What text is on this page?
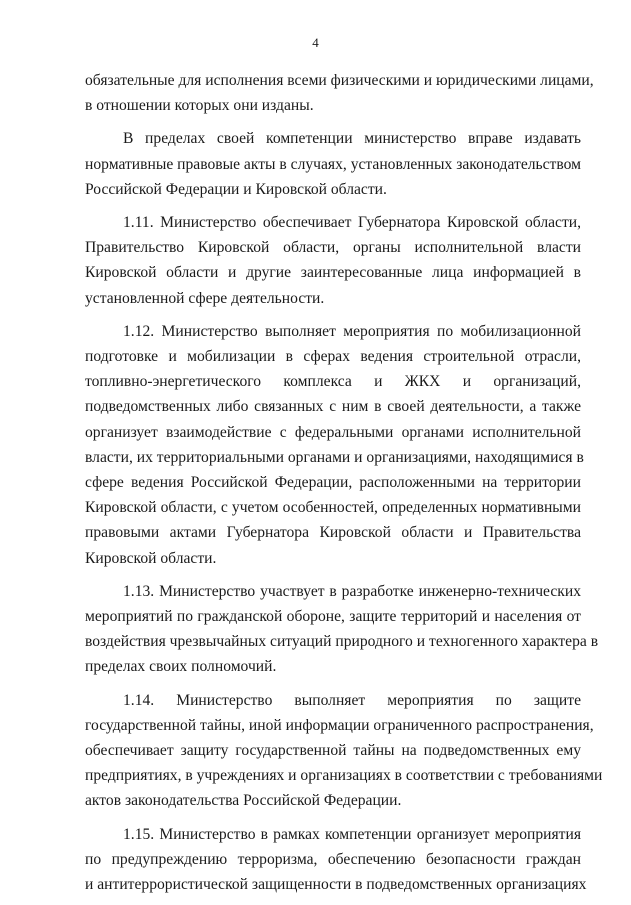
4
обязательные для исполнения всеми физическими и юридическими лицами,
в отношении которых они изданы.
В пределах своей компетенции министерство вправе издавать
нормативные правовые акты в случаях, установленных законодательством
Российской Федерации и Кировской области.
1.11. Министерство обеспечивает Губернатора Кировской области,
Правительство Кировской области, органы исполнительной власти
Кировской области и другие заинтересованные лица информацией в
установленной сфере деятельности.
1.12. Министерство выполняет мероприятия по мобилизационной
подготовке и мобилизации в сферах ведения строительной отрасли,
топливно-энергетического комплекса и ЖКХ и организаций,
подведомственных либо связанных с ним в своей деятельности, а также
организует взаимодействие с федеральными органами исполнительной
власти, их территориальными органами и организациями, находящимися в
сфере ведения Российской Федерации, расположенными на территории
Кировской области, с учетом особенностей, определенных нормативными
правовыми актами Губернатора Кировской области и Правительства
Кировской области.
1.13. Министерство участвует в разработке инженерно-технических
мероприятий по гражданской обороне, защите территорий и населения от
воздействия чрезвычайных ситуаций природного и техногенного характера в
пределах своих полномочий.
1.14. Министерство выполняет мероприятия по защите
государственной тайны, иной информации ограниченного распространения,
обеспечивает защиту государственной тайны на подведомственных ему
предприятиях, в учреждениях и организациях в соответствии с требованиями
актов законодательства Российской Федерации.
1.15. Министерство в рамках компетенции организует мероприятия
по предупреждению терроризма, обеспечению безопасности граждан
и антитеррористической защищенности в подведомственных организациях
